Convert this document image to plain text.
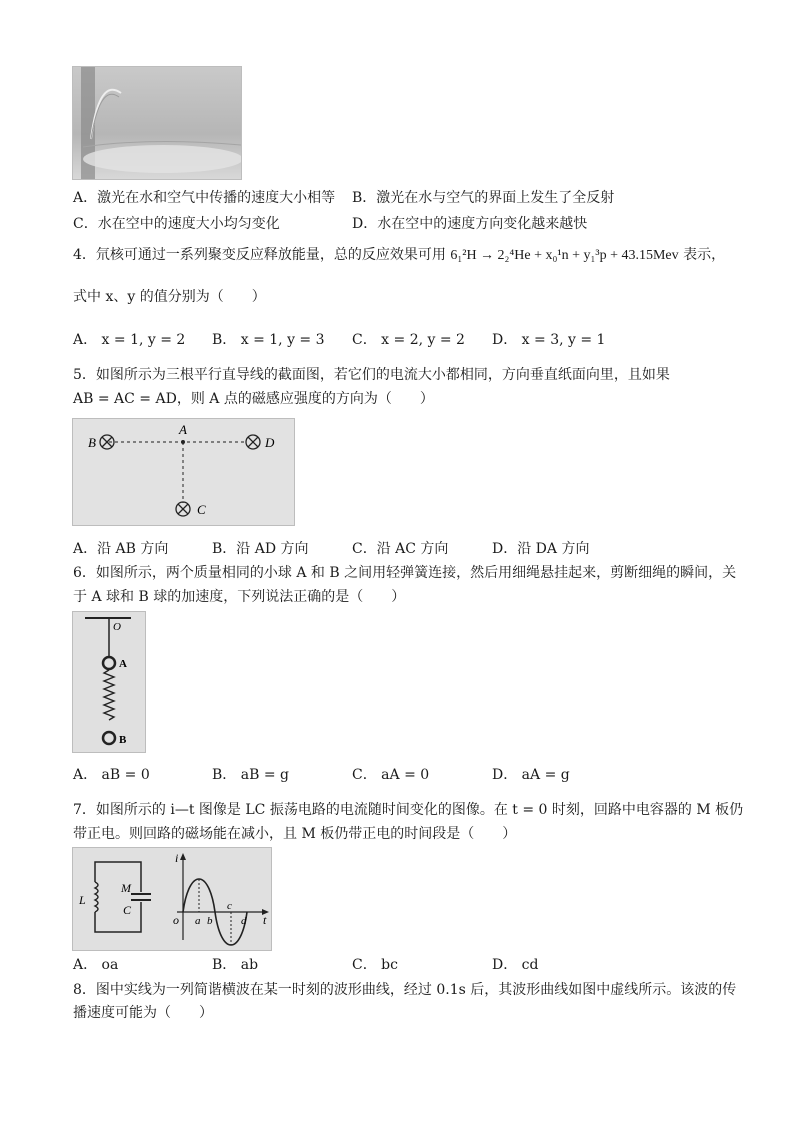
A．激光在水和空气中传播的速度大小相等 B．激光在水与空气的界面上发生了全反射
C．水在空中的速度大小均匀变化	D．水在空中的速度方向变化越来越快
4．氘核可通过一系列聚变反应释放能量，总的反应效果可用 6₁²H → 2₂⁴He + x₀¹n + y₁³p + 43.15Mev 表示，
式中 x、y 的值分别为（　　）
A． x = 1, y = 2 B． x = 1, y = 3 C． x = 2, y = 2 D． x = 3, y = 1
5．如图所示为三根平行直导线的截面图，若它们的电流大小都相同，方向垂直纸面向里，且如果
AB = AC = AD，则 A 点的磁感应强度的方向为（　　）
A
B	D
C
A．沿 AB 方向	B．沿 AD 方向	C．沿 AC 方向	D．沿 DA 方向
6．如图所示，两个质量相同的小球 A 和 B 之间用轻弹簧连接，然后用细绳悬挂起来，剪断细绳的瞬间，关
于 A 球和 B 球的加速度，下列说法正确的是（　　）
O
A
B
A． aB = 0	B． aB = g	C． aA = 0	D． aA = g
7．如图所示的 i—t 图像是 LC 振荡电路的电流随时间变化的图像。在 t = 0 时刻，回路中电容器的 M 板仍
带正电。则回路的磁场能在减小，且 M 板仍带正电的时间段是（　　）
L
M
C
i
t
o a b
c
d
A． oa	B． ab	C． bc	D． cd
8．图中实线为一列简谐横波在某一时刻的波形曲线，经过 0.1s 后，其波形曲线如图中虚线所示。该波的传
播速度可能为（　　）
